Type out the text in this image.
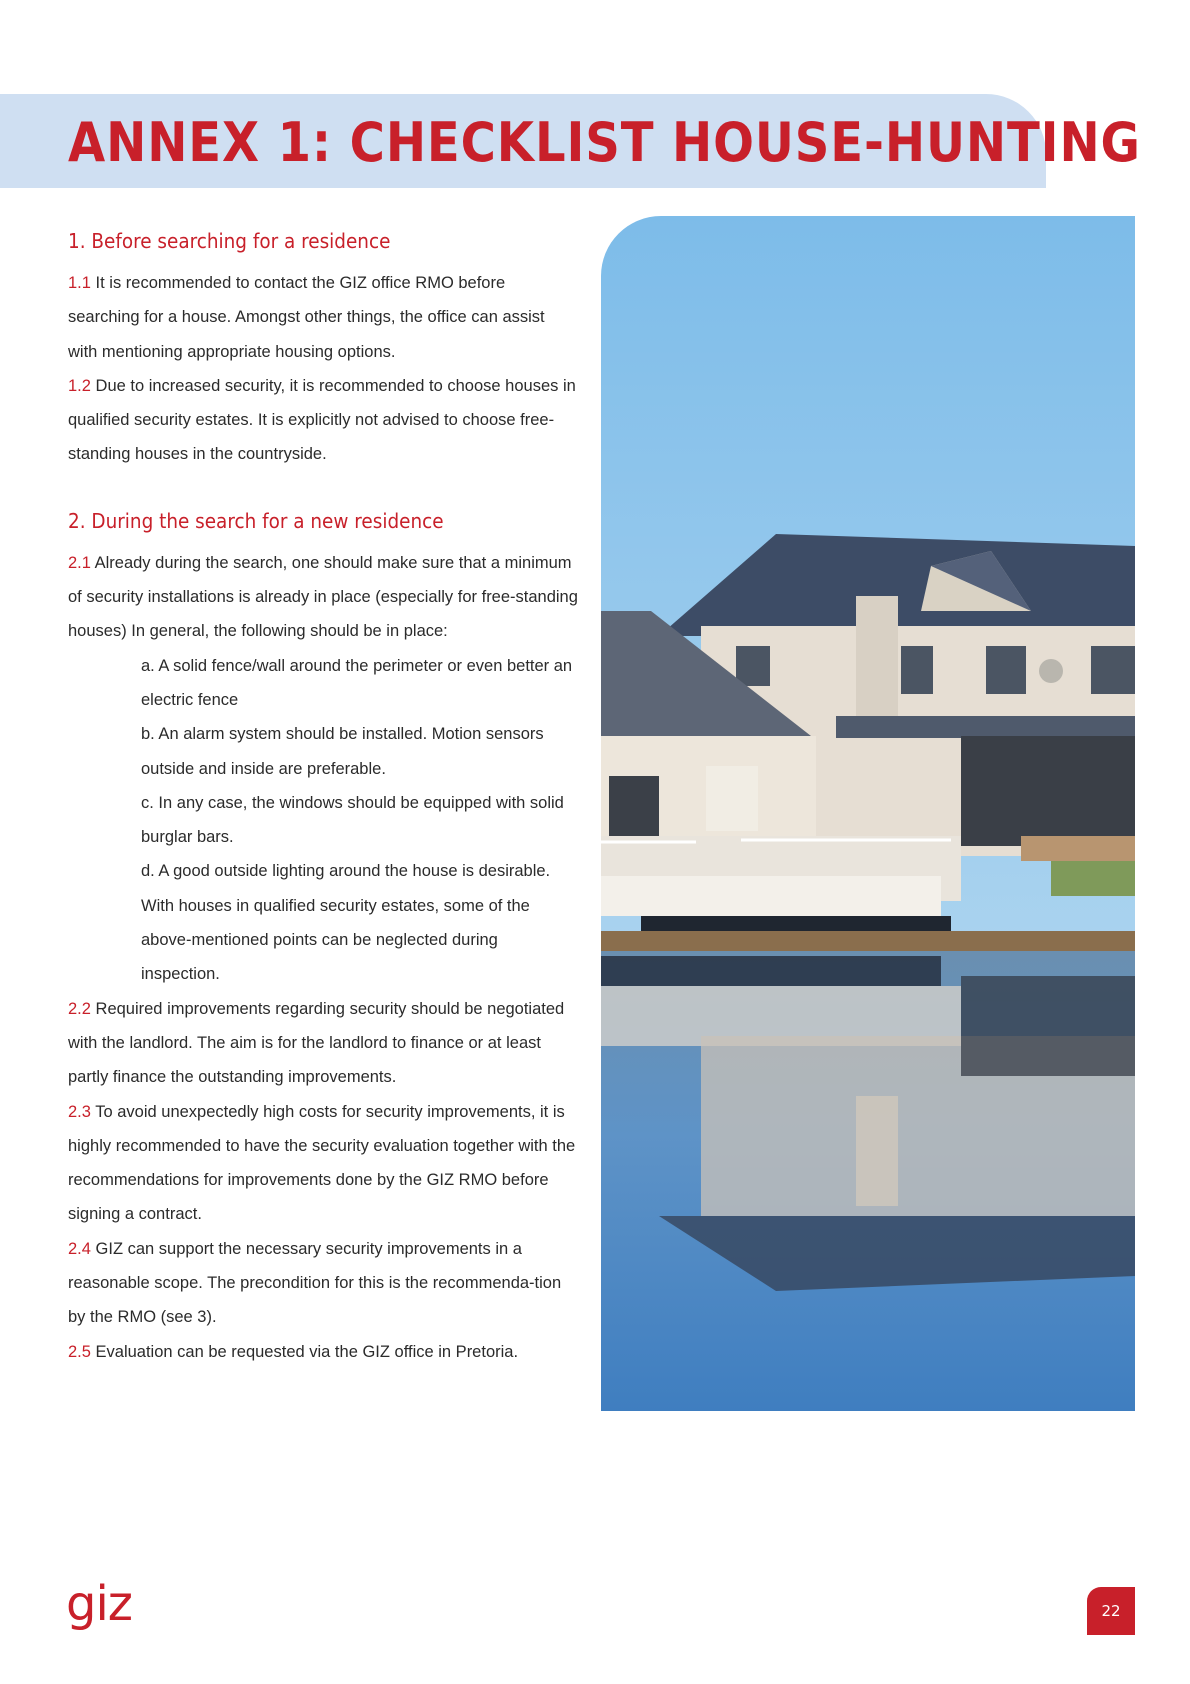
ANNEX 1: CHECKLIST HOUSE-HUNTING
1. Before searching for a residence

1.1 It is recommended to contact the GIZ office RMO before searching for a house. Amongst other things, the office can assist with mentioning appropriate housing options.

1.2 Due to increased security, it is recommended to choose houses in qualified security estates. It is explicitly not advised to choose free-standing houses in the countryside.

2. During the search for a new residence

2.1 Already during the search, one should make sure that a minimum of security installations is already in place (especially for free-standing houses) In general, the following should be in place:

a. A solid fence/wall around the perimeter or even better an electric fence

b. An alarm system should be installed. Motion sensors outside and inside are preferable.

c. In any case, the windows should be equipped with solid burglar bars.

d. A good outside lighting around the house is desirable. With houses in qualified security estates, some of the above-mentioned points can be neglected during inspection.

2.2 Required improvements regarding security should be negotiated with the landlord. The aim is for the landlord to finance or at least partly finance the outstanding improvements.

2.3 To avoid unexpectedly high costs for security improvements, it is highly recommended to have the security evaluation together with the recommendations for improvements done by the GIZ RMO before signing a contract.

2.4 GIZ can support the necessary security improvements in a reasonable scope. The precondition for this is the recommenda-tion by the RMO (see 3).

2.5 Evaluation can be requested via the GIZ office in Pretoria.

giz	22
